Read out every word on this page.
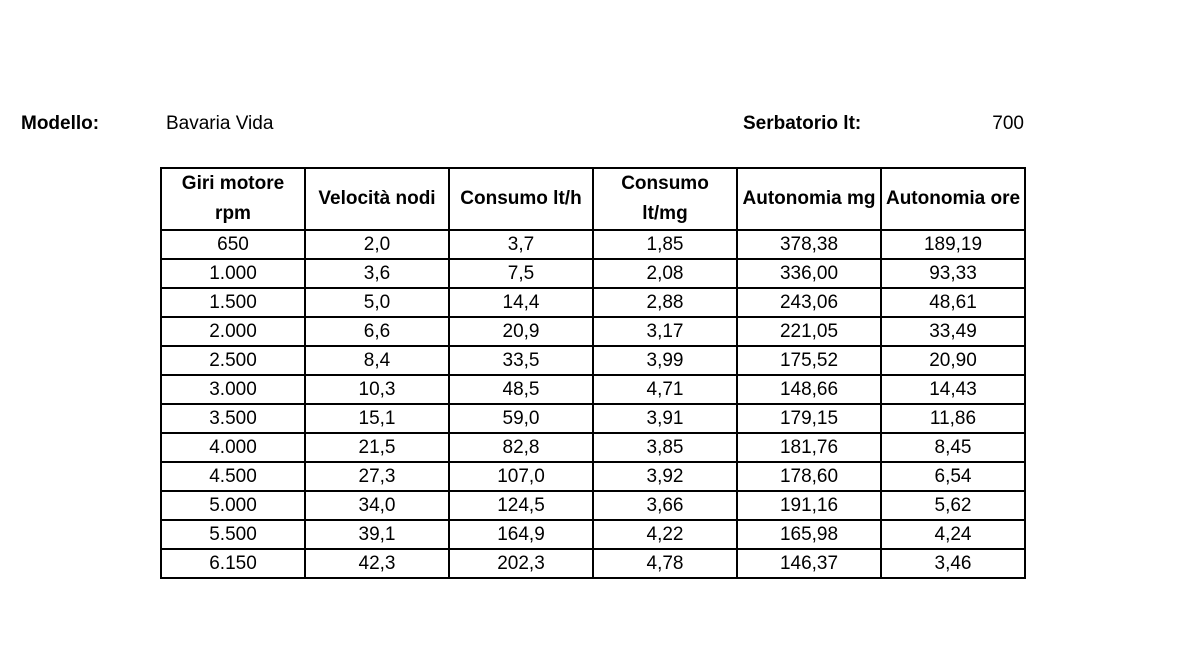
Modello:	Bavaria Vida	Serbatorio lt:	700
Giri motore rpm	Velocità nodi	Consumo lt/h	Consumo lt/mg	Autonomia mg	Autonomia ore
650	2,0	3,7	1,85	378,38	189,19
1.000	3,6	7,5	2,08	336,00	93,33
1.500	5,0	14,4	2,88	243,06	48,61
2.000	6,6	20,9	3,17	221,05	33,49
2.500	8,4	33,5	3,99	175,52	20,90
3.000	10,3	48,5	4,71	148,66	14,43
3.500	15,1	59,0	3,91	179,15	11,86
4.000	21,5	82,8	3,85	181,76	8,45
4.500	27,3	107,0	3,92	178,60	6,54
5.000	34,0	124,5	3,66	191,16	5,62
5.500	39,1	164,9	4,22	165,98	4,24
6.150	42,3	202,3	4,78	146,37	3,46
